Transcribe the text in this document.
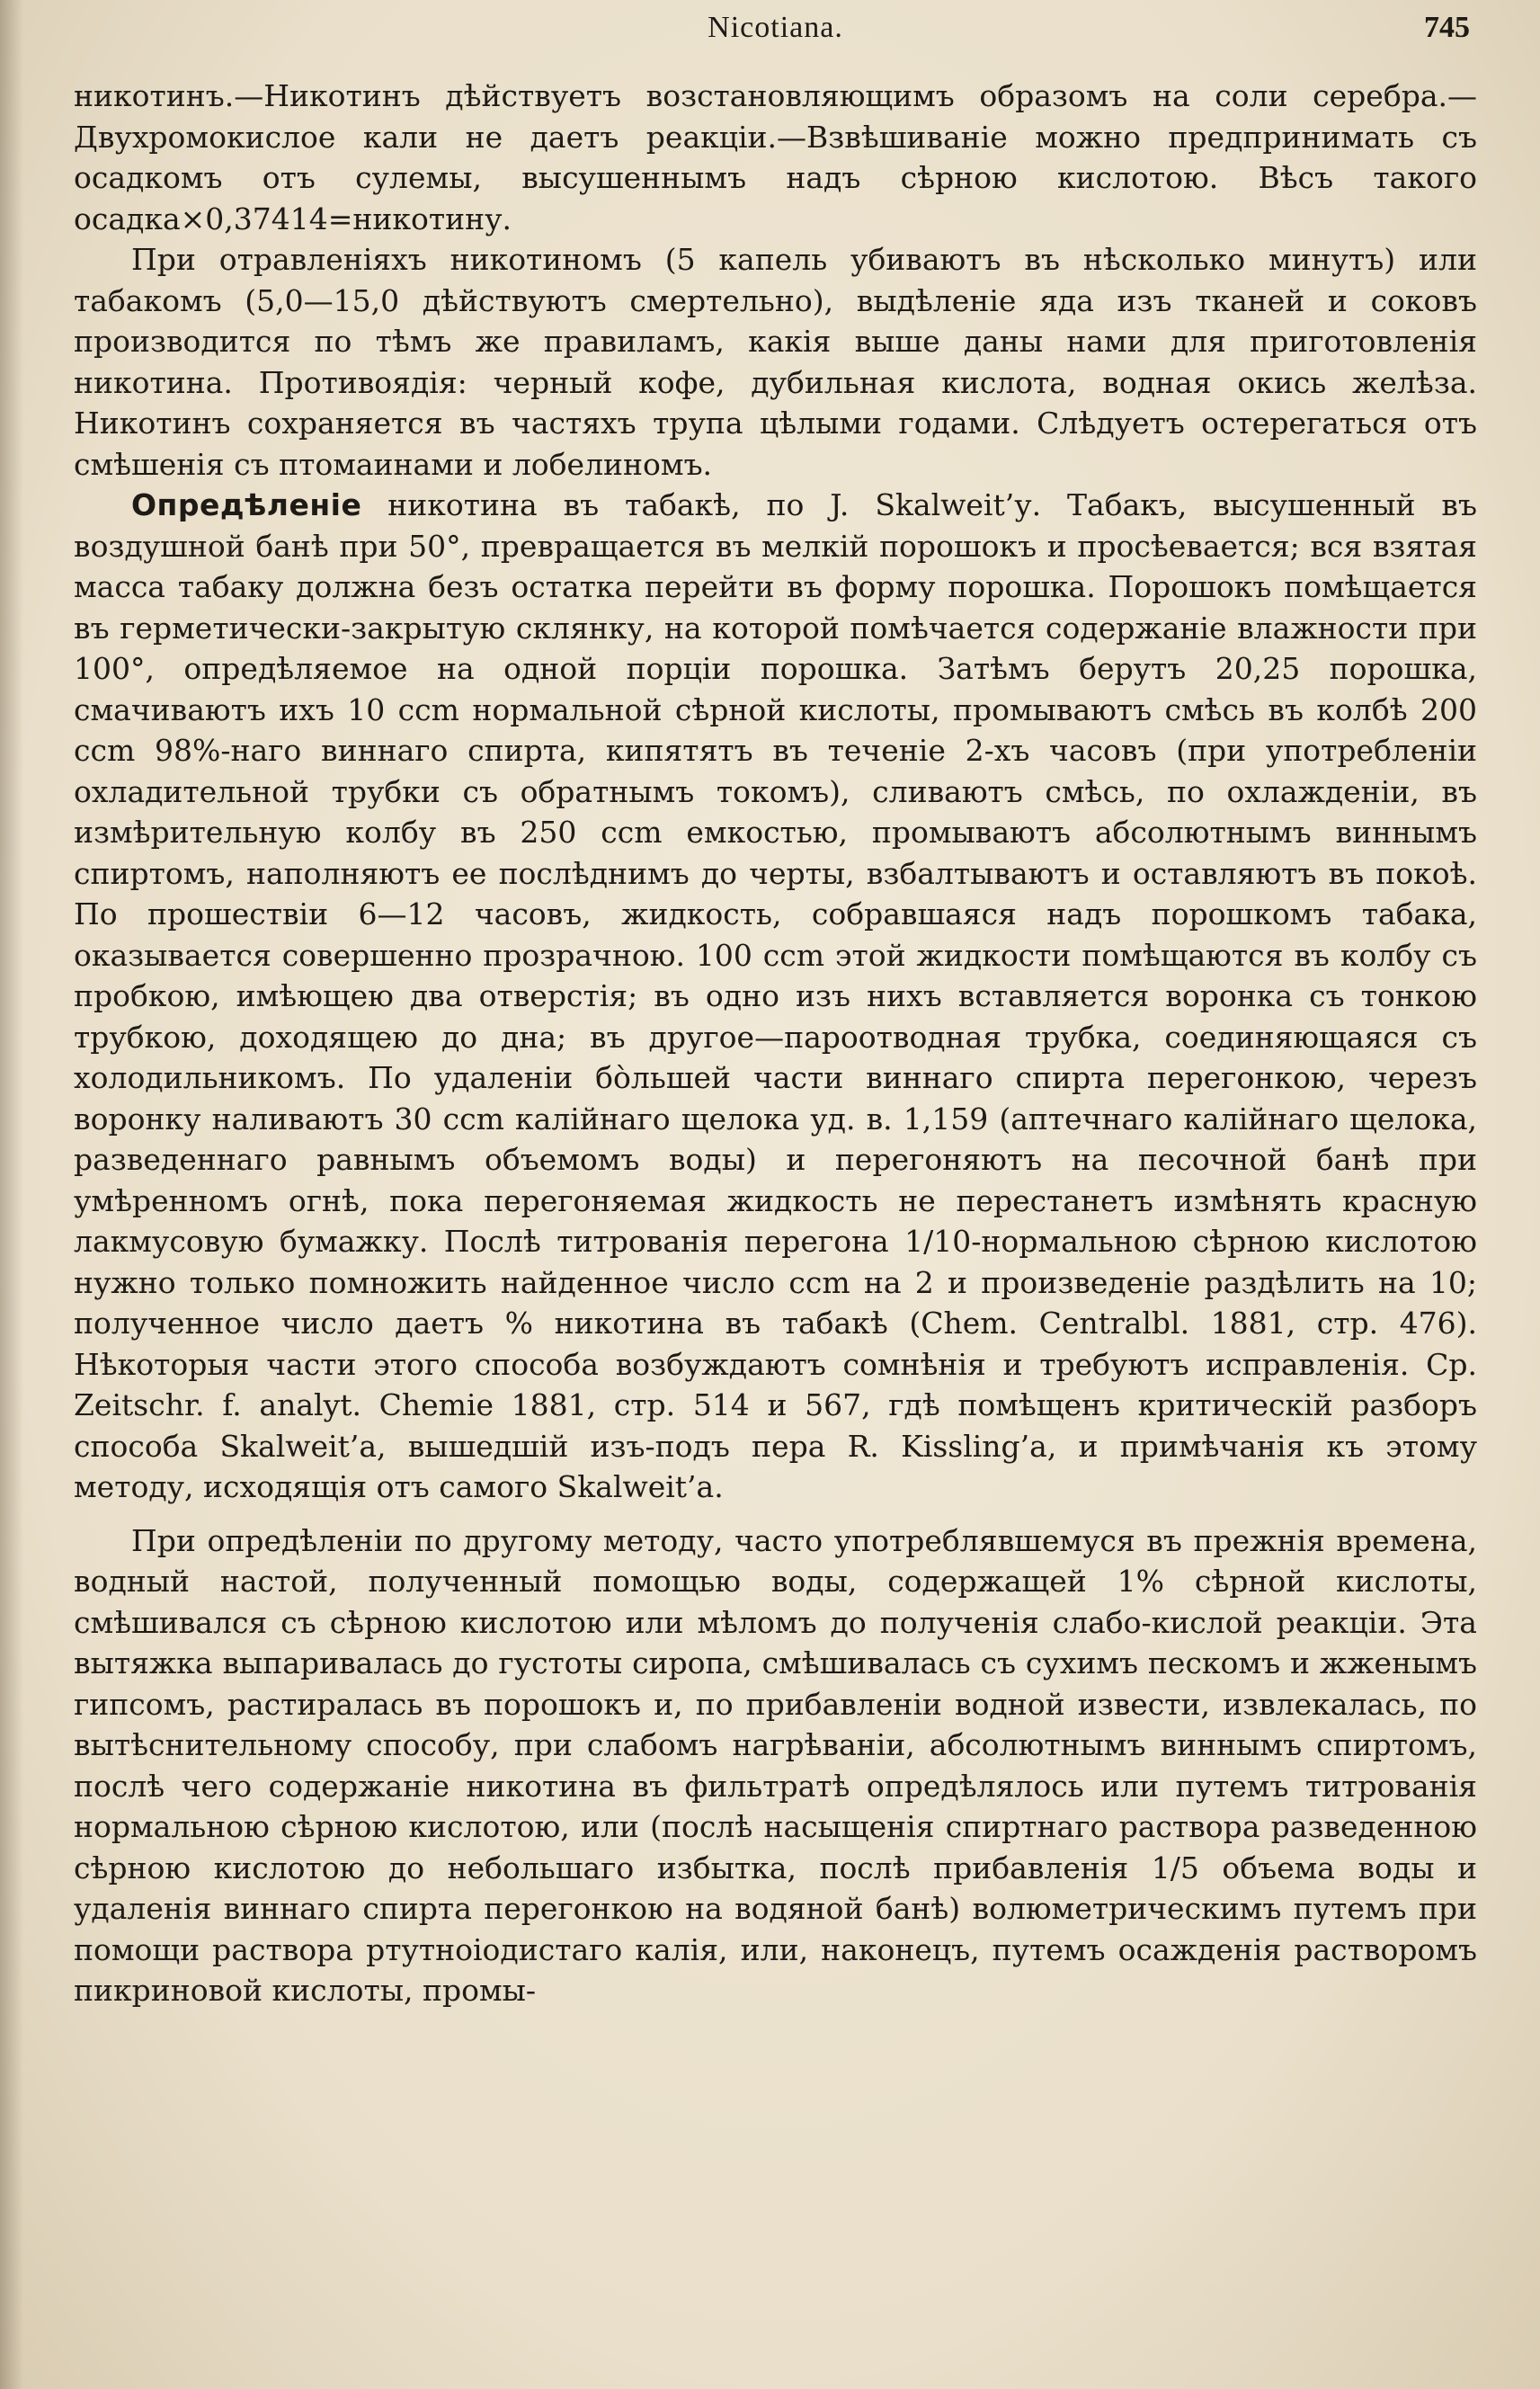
Nicotiana.	745

никотинъ.—Никотинъ дѣйствуетъ возстановляющимъ образомъ на соли серебра.—Двухромокислое кали не даетъ реакціи.—Взвѣшиваніе можно предпринимать съ осадкомъ отъ сулемы, высушеннымъ надъ сѣрною кислотою. Вѣсъ такого осадка×0,37414=никотину.

При отравленіяхъ никотиномъ (5 капель убиваютъ въ нѣсколько минутъ) или табакомъ (5,0—15,0 дѣйствуютъ смертельно), выдѣленіе яда изъ тканей и соковъ производится по тѣмъ же правиламъ, какія выше даны нами для приготовленія никотина. Противоядія: черный кофе, дубильная кислота, водная окись желѣза. Никотинъ сохраняется въ частяхъ трупа цѣлыми годами. Слѣдуетъ остерегаться отъ смѣшенія съ птомаинами и лобелиномъ.

Опредѣленіе никотина въ табакѣ, по J. Skalweit’у. Табакъ, высушенный въ воздушной банѣ при 50°, превращается въ мелкій порошокъ и просѣевается; вся взятая масса табаку должна безъ остатка перейти въ форму порошка. Порошокъ помѣщается въ герметически-закрытую склянку, на которой помѣчается содержаніе влажности при 100°, опредѣляемое на одной порціи порошка. Затѣмъ берутъ 20,25 порошка, смачиваютъ ихъ 10 ccm нормальной сѣрной кислоты, промываютъ смѣсь въ колбѣ 200 ccm 98%-наго виннаго спирта, кипятятъ въ теченіе 2-хъ часовъ (при употребленіи охладительной трубки съ обратнымъ токомъ), сливаютъ смѣсь, по охлажденіи, въ измѣрительную колбу въ 250 ccm емкостью, промываютъ абсолютнымъ виннымъ спиртомъ, наполняютъ ее послѣднимъ до черты, взбалтываютъ и оставляютъ въ покоѣ. По прошествіи 6—12 часовъ, жидкость, собравшаяся надъ порошкомъ табака, оказывается совершенно прозрачною. 100 ccm этой жидкости помѣщаются въ колбу съ пробкою, имѣющею два отверстія; въ одно изъ нихъ вставляется воронка съ тонкою трубкою, доходящею до дна; въ другое—пароотводная трубка, соединяющаяся съ холодильникомъ. По удаленіи бо̀льшей части виннаго спирта перегонкою, черезъ воронку наливаютъ 30 ccm калійнаго щелока уд. в. 1,159 (аптечнаго калійнаго щелока, разведеннаго равнымъ объемомъ воды) и перегоняютъ на песочной банѣ при умѣренномъ огнѣ, пока перегоняемая жидкость не перестанетъ измѣнять красную лакмусовую бумажку. Послѣ титрованія перегона 1/10-нормальною сѣрною кислотою нужно только помножить найденное число ccm на 2 и произведеніе раздѣлить на 10; полученное число даетъ % никотина въ табакѣ (Chem. Centralbl. 1881, стр. 476). Нѣкоторыя части этого способа возбуждаютъ сомнѣнія и требуютъ исправленія. Ср. Zeitschr. f. analyt. Chemie 1881, стр. 514 и 567, гдѣ помѣщенъ критическій разборъ способа Skalweit’а, вышедшій изъ-подъ пера R. Kissling’а, и примѣчанія къ этому методу, исходящія отъ самого Skalweit’а.

При опредѣленіи по другому методу, часто употреблявшемуся въ прежнія времена, водный настой, полученный помощью воды, содержащей 1% сѣрной кислоты, смѣшивался съ сѣрною кислотою или мѣломъ до полученія слабо-кислой реакціи. Эта вытяжка выпаривалась до густоты сиропа, смѣшивалась съ сухимъ пескомъ и жженымъ гипсомъ, растиралась въ порошокъ и, по прибавленіи водной извести, извлекалась, по вытѣснительному способу, при слабомъ нагрѣваніи, абсолютнымъ виннымъ спиртомъ, послѣ чего содержаніе никотина въ фильтратѣ опредѣлялось или путемъ титрованія нормальною сѣрною кислотою, или (послѣ насыщенія спиртнаго раствора разведенною сѣрною кислотою до небольшаго избытка, послѣ прибавленія 1/5 объема воды и удаленія виннаго спирта перегонкою на водяной банѣ) волюметрическимъ путемъ при помощи раствора ртутноіодистаго калія, или, наконецъ, путемъ осажденія растворомъ пикриновой кислоты, промы-
